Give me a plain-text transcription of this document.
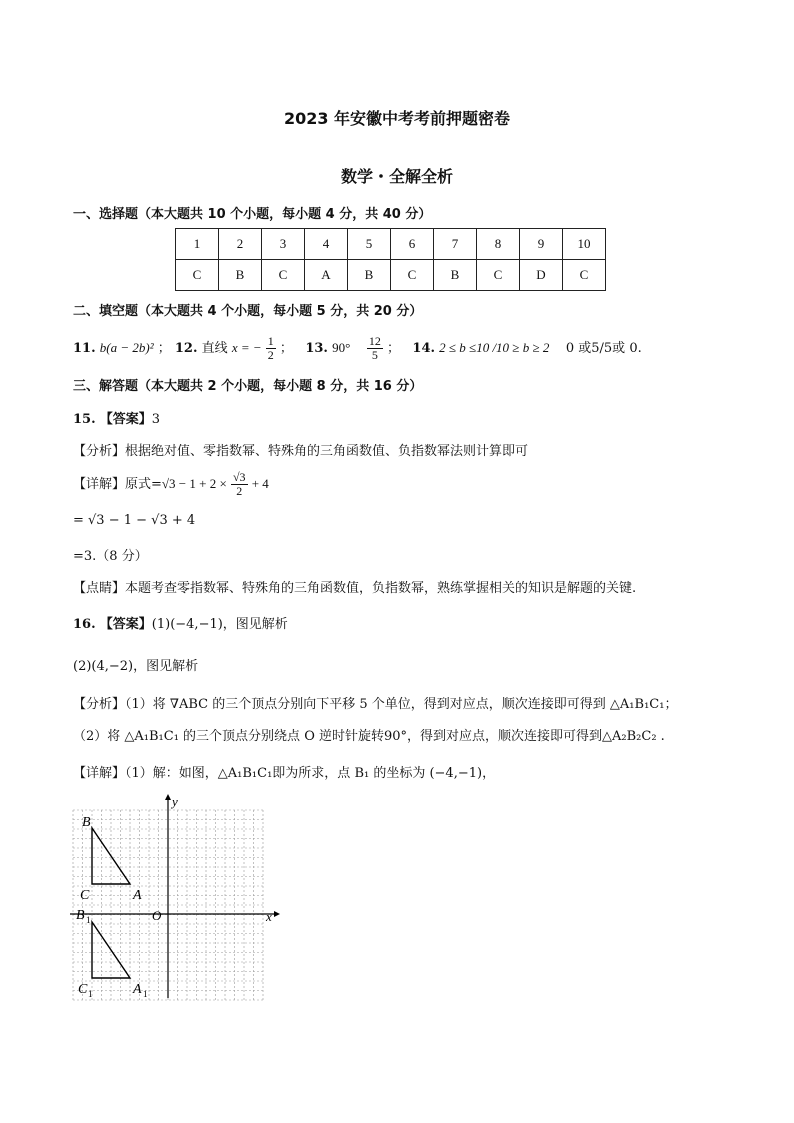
2023 年安徽中考考前押题密卷
数学・全解全析
一、选择题（本大题共 10 个小题，每小题 4 分，共 40 分）
1	2	3	4	5	6	7	8	9	10
C	B	C	A	B	C	B	C	D	C
二、填空题（本大题共 4 个小题，每小题 5 分，共 20 分）
11. b(a − 2b)² ； 12. 直线 x = − $\frac{1}{2}$ ； 13. $90^\circ \frac{12}{5}$ ； 14. 2 ≤ b ≤10 /10 ≥ b ≥ 2 0 或5/5或 0.
三、解答题（本大题共 2 个小题，每小题 8 分，共 16 分）
15. 【答案】3
【分析】根据绝对值、零指数幂、特殊角的三角函数值、负指数幂法则计算即可
【详解】原式$=√3 - 1 + 2 \times \frac{√3}{2} + 4$
= √3 − 1 − √3 + 4
=3.（8 分）
【点睛】本题考查零指数幂、特殊角的三角函数值，负指数幂，熟练掌握相关的知识是解题的关键.
16. 【答案】(1)(−4,−1)，图见解析
(2)(4,−2)，图见解析
【分析】（1）将 ∇ABC 的三个顶点分别向下平移 5 个单位，得到对应点，顺次连接即可得到 △A₁B₁C₁；
（2）将 △A₁B₁C₁ 的三个顶点分别绕点 O 逆时针旋转90°，得到对应点，顺次连接即可得到△A₂B₂C₂ .
【详解】（1）解：如图，△A₁B₁C₁即为所求，点 B₁ 的坐标为 (−4,−1)，
B
C	A
B 1
C 1	A 1
O	x
y
